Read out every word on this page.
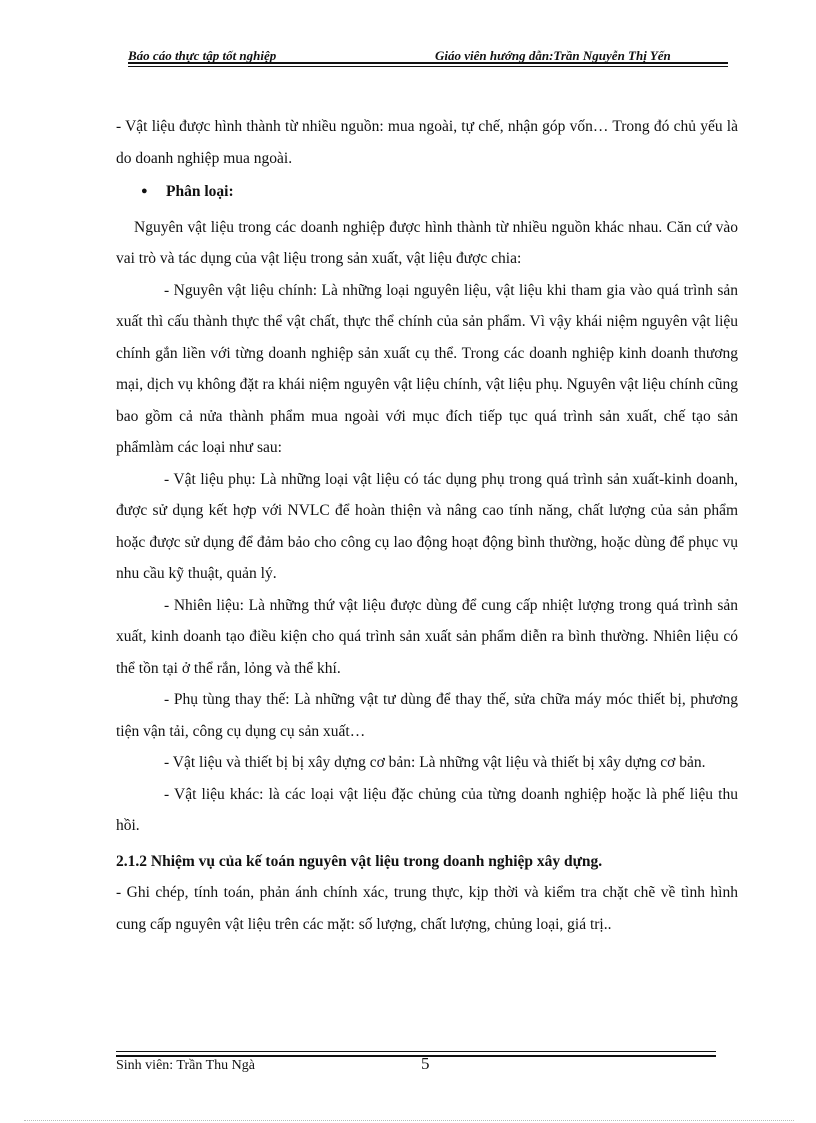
Báo cáo thực tập tốt nghiệp	Giáo viên hướng dẫn:Trần Nguyễn Thị Yến

- Vật liệu được hình thành từ nhiều nguồn: mua ngoài, tự chế, nhận góp vốn… Trong đó chủ yếu là do doanh nghiệp mua ngoài.

● Phân loại:

Nguyên vật liệu trong các doanh nghiệp được hình thành từ nhiều nguồn khác nhau. Căn cứ vào vai trò và tác dụng của vật liệu trong sản xuất, vật liệu được chia:

- Nguyên vật liệu chính: Là những loại nguyên liệu, vật liệu khi tham gia vào quá trình sản xuất thì cấu thành thực thể vật chất, thực thể chính của sản phẩm. Vì vậy khái niệm nguyên vật liệu chính gắn liền với từng doanh nghiệp sản xuất cụ thể. Trong các doanh nghiệp kinh doanh thương mại, dịch vụ không đặt ra khái niệm nguyên vật liệu chính, vật liệu phụ. Nguyên vật liệu chính cũng bao gồm cả nửa thành phẩm mua ngoài với mục đích tiếp tục quá trình sản xuất, chế tạo sản phẩmlàm các loại như sau:

- Vật liệu phụ: Là những loại vật liệu có tác dụng phụ trong quá trình sản xuất-kinh doanh, được sử dụng kết hợp với NVLC để hoàn thiện và nâng cao tính năng, chất lượng của sản phẩm hoặc được sử dụng để đảm bảo cho công cụ lao động hoạt động bình thường, hoặc dùng để phục vụ nhu cầu kỹ thuật, quản lý.

- Nhiên liệu: Là những thứ vật liệu được dùng để cung cấp nhiệt lượng trong quá trình sản xuất, kinh doanh tạo điều kiện cho quá trình sản xuất sản phẩm diễn ra bình thường. Nhiên liệu có thể tồn tại ở thể rắn, lỏng và thể khí.

- Phụ tùng thay thế: Là những vật tư dùng để thay thế, sửa chữa máy móc thiết bị, phương tiện vận tải, công cụ dụng cụ sản xuất…

- Vật liệu và thiết bị bị xây dựng cơ bản: Là những vật liệu và thiết bị xây dựng cơ bản.

- Vật liệu khác: là các loại vật liệu đặc chủng của từng doanh nghiệp hoặc là phế liệu thu hồi.

2.1.2 Nhiệm vụ của kế toán nguyên vật liệu trong doanh nghiệp xây dựng.

- Ghi chép, tính toán, phản ánh chính xác, trung thực, kịp thời và kiểm tra chặt chẽ về tình hình cung cấp nguyên vật liệu trên các mặt: số lượng, chất lượng, chủng loại, giá trị..

Sinh viên: Trần Thu Ngà	5
